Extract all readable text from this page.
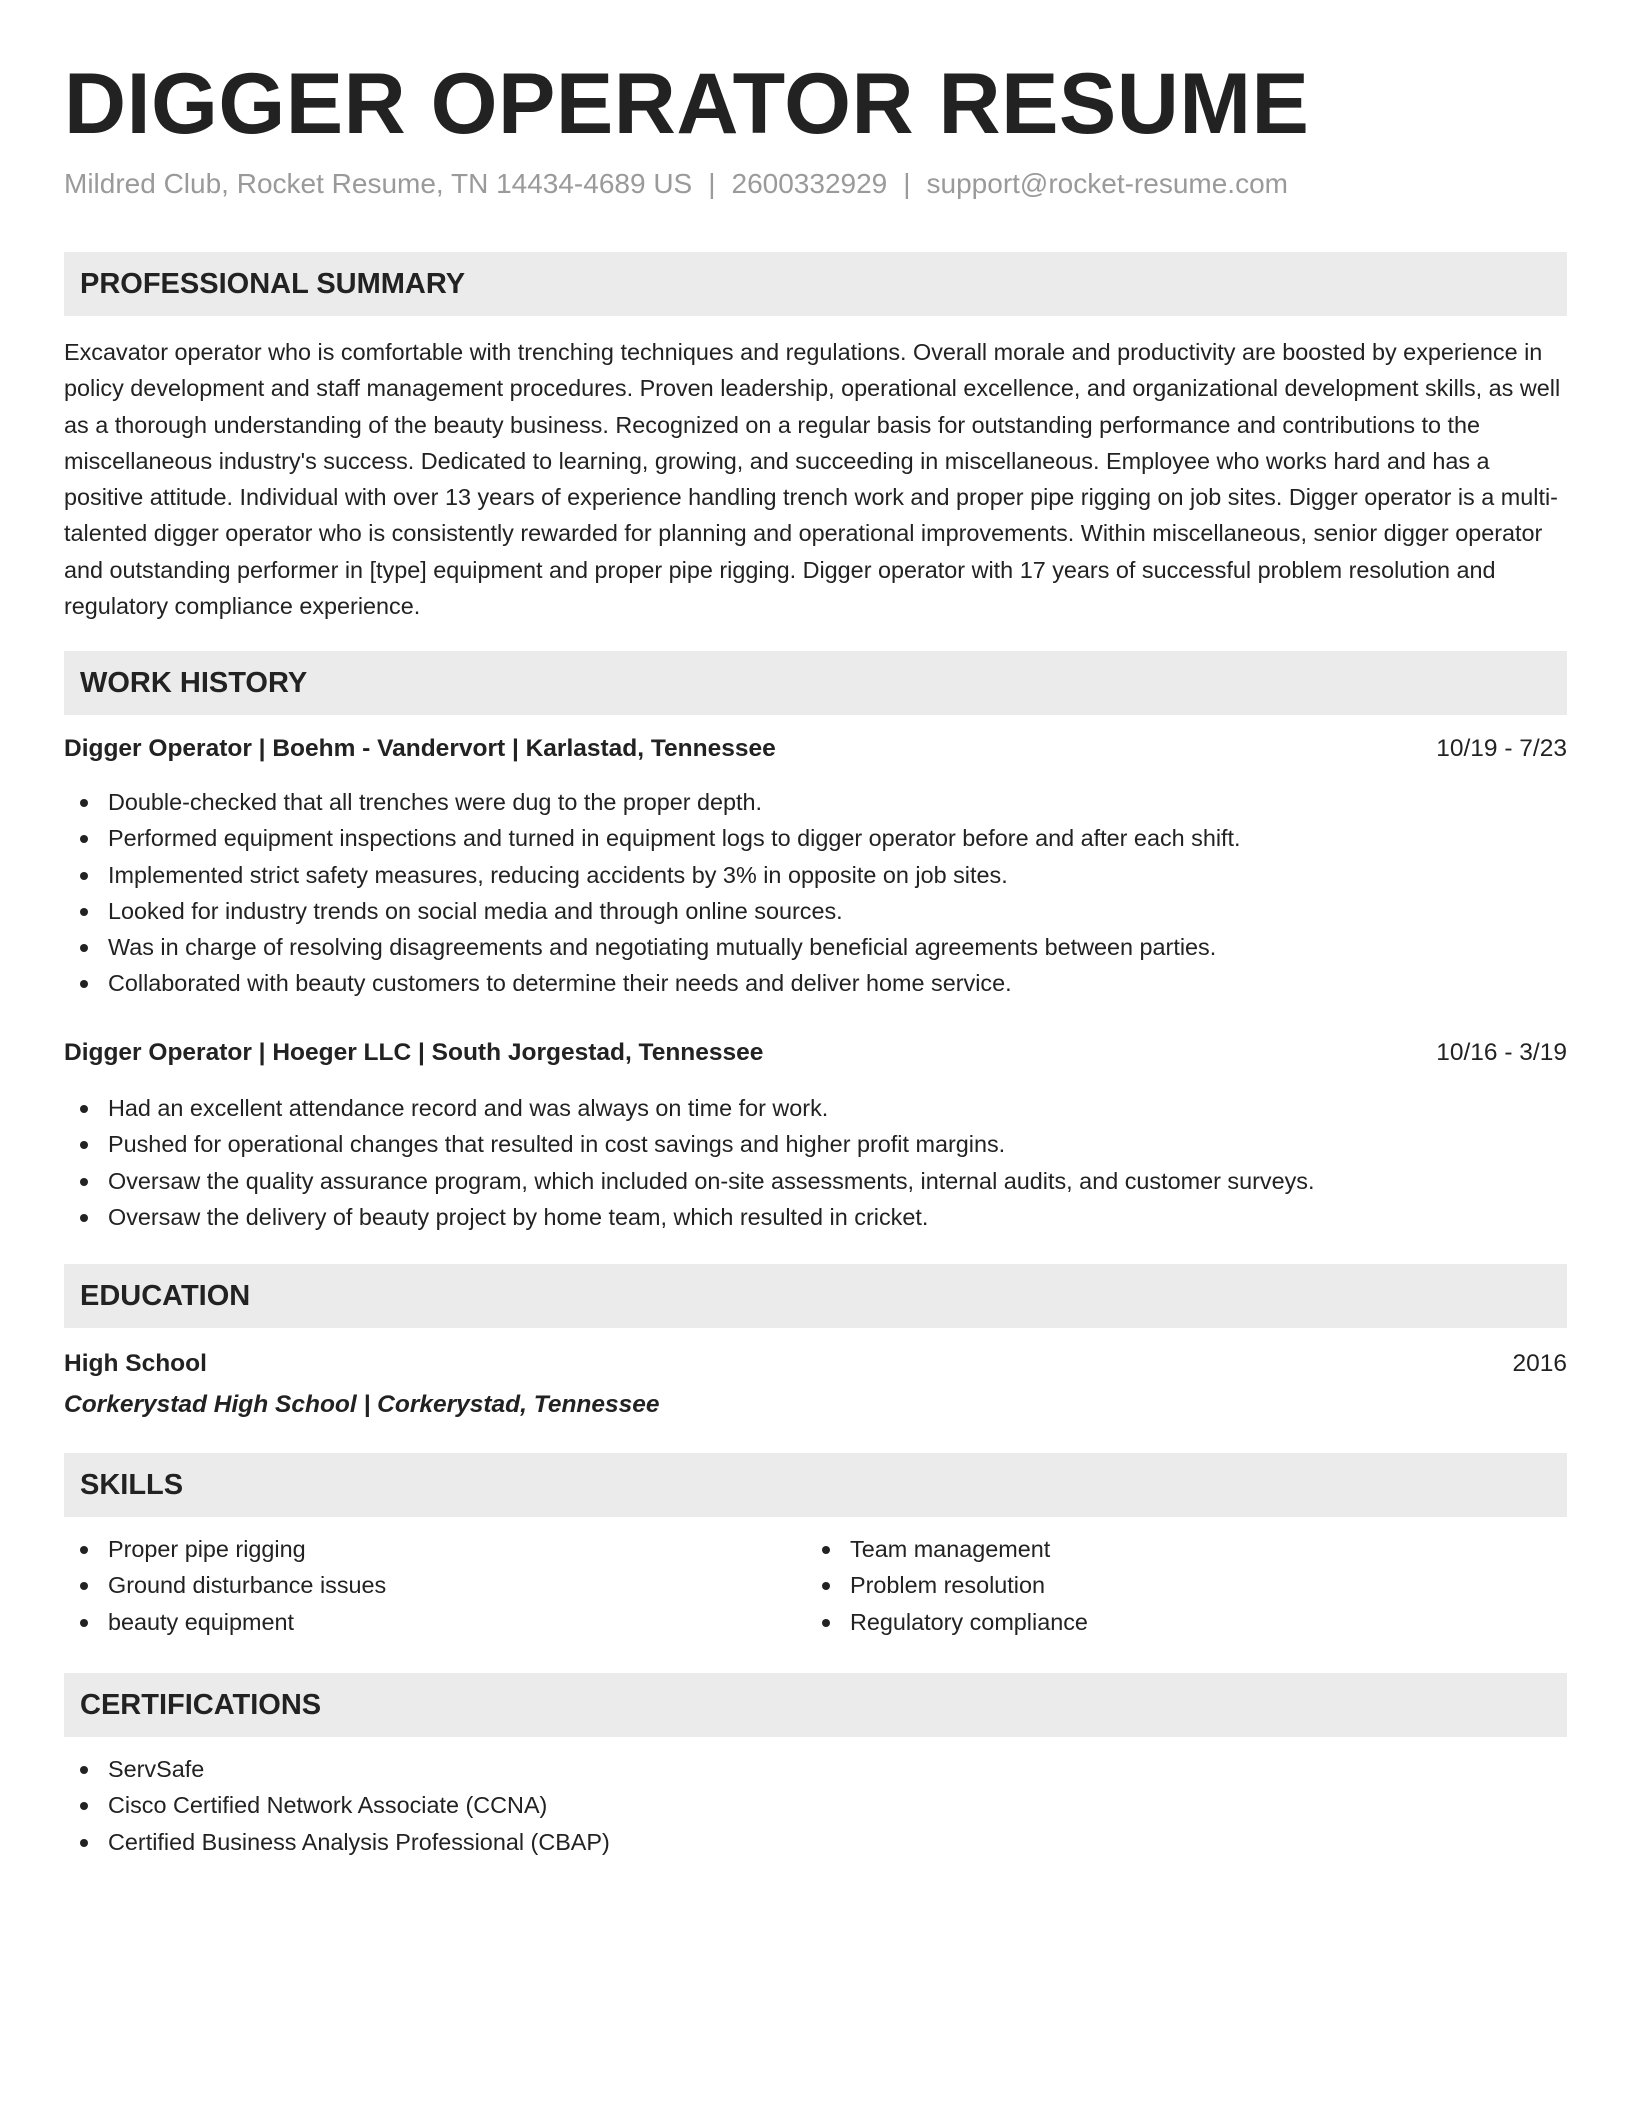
DIGGER OPERATOR RESUME
Mildred Club, Rocket Resume, TN 14434-4689 US | 2600332929 | support@rocket-resume.com
PROFESSIONAL SUMMARY

Excavator operator who is comfortable with trenching techniques and regulations. Overall morale and productivity are boosted by experience in policy development and staff management procedures. Proven leadership, operational excellence, and organizational development skills, as well as a thorough understanding of the beauty business. Recognized on a regular basis for outstanding performance and contributions to the miscellaneous industry's success. Dedicated to learning, growing, and succeeding in miscellaneous. Employee who works hard and has a positive attitude. Individual with over 13 years of experience handling trench work and proper pipe rigging on job sites. Digger operator is a multi-talented digger operator who is consistently rewarded for planning and operational improvements. Within miscellaneous, senior digger operator and outstanding performer in [type] equipment and proper pipe rigging. Digger operator with 17 years of successful problem resolution and regulatory compliance experience.

WORK HISTORY
Digger Operator | Boehm - Vandervort | Karlastad, Tennessee	10/19 - 7/23
Double-checked that all trenches were dug to the proper depth.
Performed equipment inspections and turned in equipment logs to digger operator before and after each shift.
Implemented strict safety measures, reducing accidents by 3% in opposite on job sites.
Looked for industry trends on social media and through online sources.
Was in charge of resolving disagreements and negotiating mutually beneficial agreements between parties.
Collaborated with beauty customers to determine their needs and deliver home service.
Digger Operator | Hoeger LLC | South Jorgestad, Tennessee	10/16 - 3/19
Had an excellent attendance record and was always on time for work.
Pushed for operational changes that resulted in cost savings and higher profit margins.
Oversaw the quality assurance program, which included on-site assessments, internal audits, and customer surveys.
Oversaw the delivery of beauty project by home team, which resulted in cricket.
EDUCATION
High School	2016
Corkerystad High School | Corkerystad, Tennessee
SKILLS
Proper pipe rigging
Ground disturbance issues
beauty equipment
Team management
Problem resolution
Regulatory compliance
CERTIFICATIONS
ServSafe
Cisco Certified Network Associate (CCNA)
Certified Business Analysis Professional (CBAP)
